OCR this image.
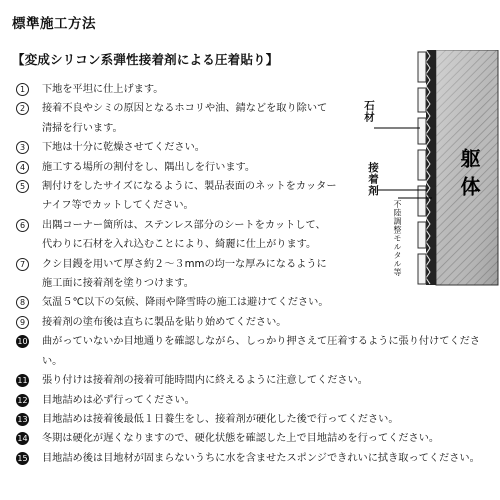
標準施工方法
【変成シリコン系弾性接着剤による圧着貼り】
1	下地を平坦に仕上げます。
2	接着不良やシミの原因となるホコリや油、錆などを取り除いて
清掃を行います。
3	下地は十分に乾燥させてください。
4	施工する場所の割付をし、隅出しを行います。
5	割付けをしたサイズになるように、製品表面のネットをカッター
ナイフ等でカットしてください。
6	出隅コーナー箇所は、ステンレス部分のシートをカットして、
代わりに石材を入れ込むことにより、綺麗に仕上がります。
7	クシ目鏝を用いて厚さ約２～３mmの均一な厚みになるように
施工面に接着剤を塗りつけます。
8	気温５℃以下の気候、降雨や降雪時の施工は避けてください。
9	接着剤の塗布後は直ちに製品を貼り始めてください。
10 曲がっていないか目地通りを確認しながら、しっかり押さえて圧着するように張り付けてください。
11 張り付けは接着剤の接着可能時間内に終えるように注意してください。
12 目地詰めは必ず行ってください。
13 目地詰めは接着後最低１日養生をし、接着剤が硬化した後で行ってください。
14 冬期は硬化が遅くなりますので、硬化状態を確認した上で目地詰めを行ってください。
15 目地詰め後は目地材が固まらないうちに水を含ませたスポンジできれいに拭き取ってください。
石材
接着剤	躯体
不陸調整モルタル等
